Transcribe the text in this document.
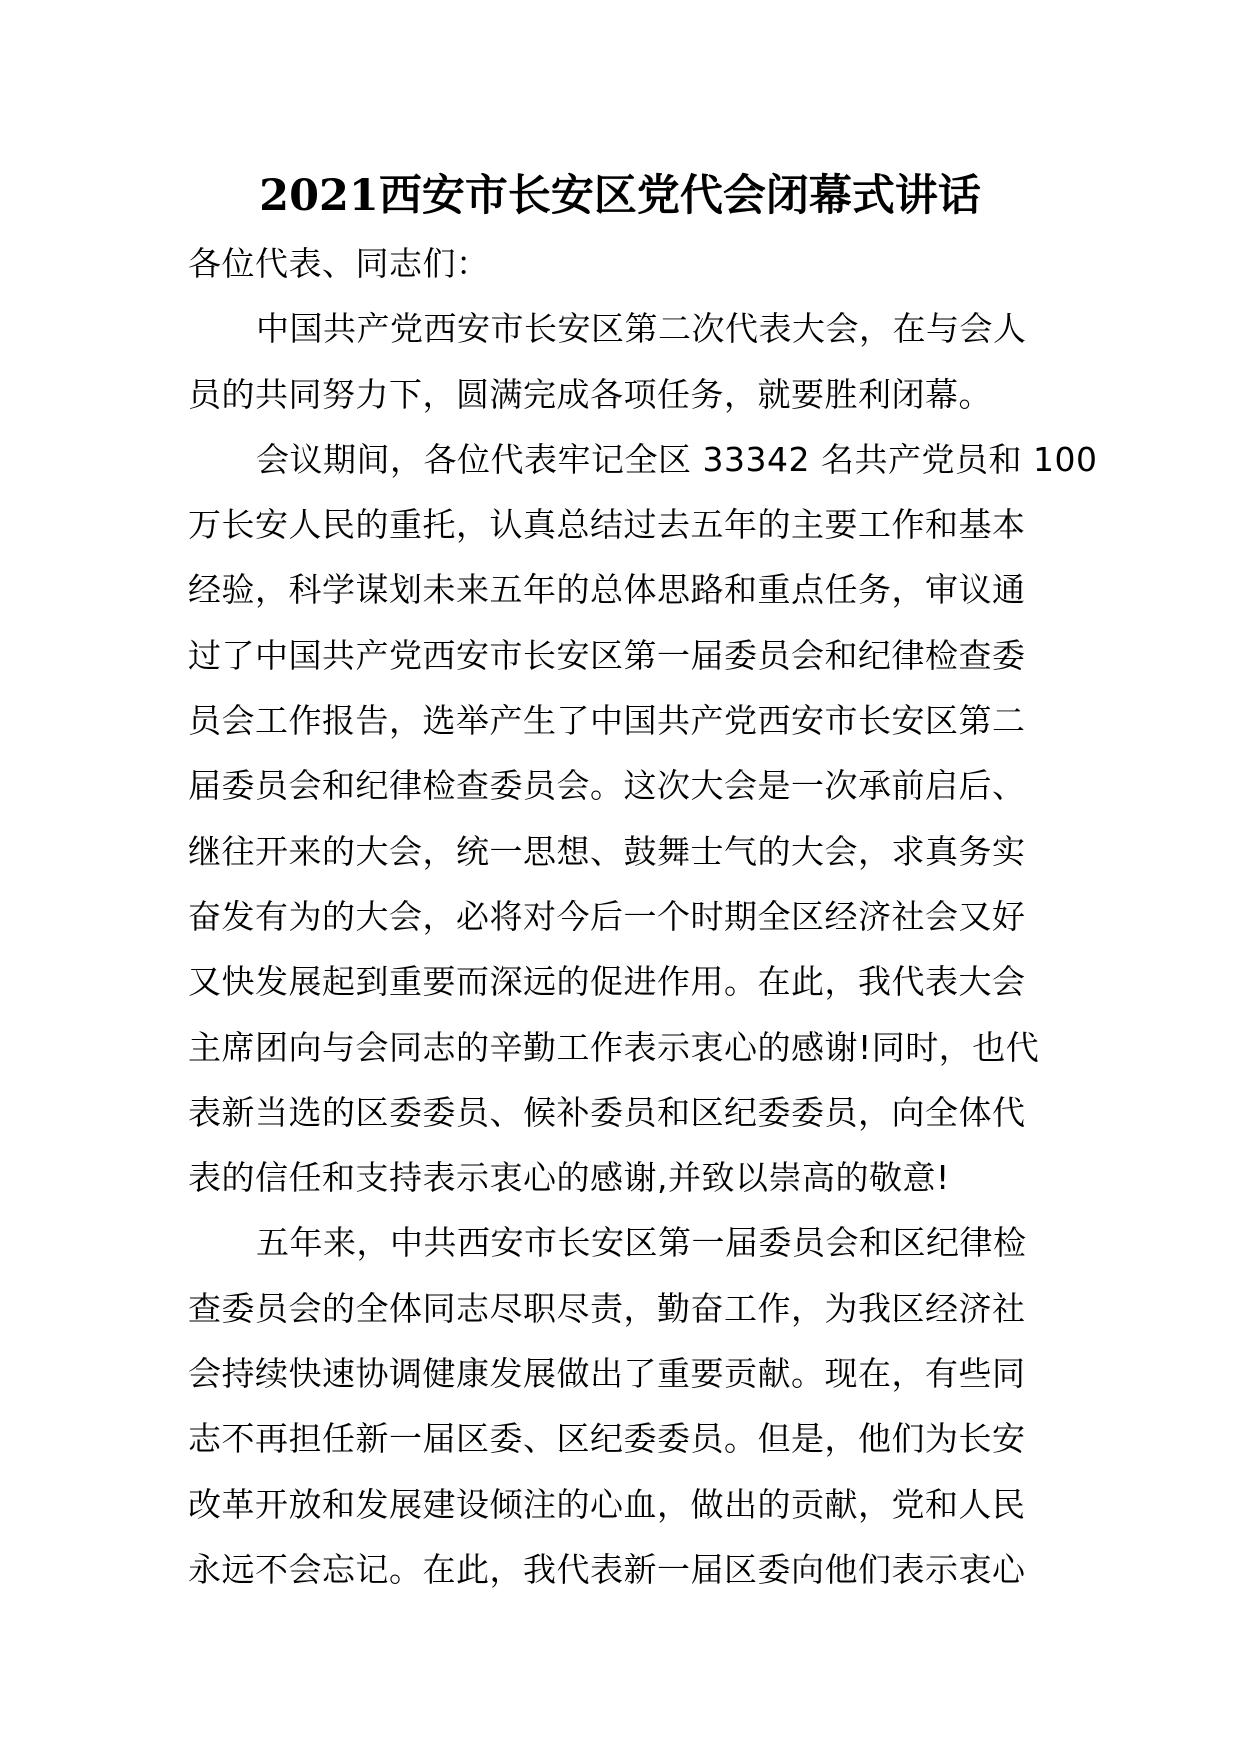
2021西安市长安区党代会闭幕式讲话
各位代表、同志们：
中国共产党西安市长安区第二次代表大会，在与会人
员的共同努力下，圆满完成各项任务，就要胜利闭幕。
会议期间，各位代表牢记全区 33342 名共产党员和 100
万长安人民的重托，认真总结过去五年的主要工作和基本
经验，科学谋划未来五年的总体思路和重点任务，审议通
过了中国共产党西安市长安区第一届委员会和纪律检查委
员会工作报告，选举产生了中国共产党西安市长安区第二
届委员会和纪律检查委员会。这次大会是一次承前启后、
继往开来的大会，统一思想、鼓舞士气的大会，求真务实
奋发有为的大会，必将对今后一个时期全区经济社会又好
又快发展起到重要而深远的促进作用。在此，我代表大会
主席团向与会同志的辛勤工作表示衷心的感谢!同时，也代
表新当选的区委委员、候补委员和区纪委委员，向全体代
表的信任和支持表示衷心的感谢,并致以崇高的敬意!
五年来，中共西安市长安区第一届委员会和区纪律检
查委员会的全体同志尽职尽责，勤奋工作，为我区经济社
会持续快速协调健康发展做出了重要贡献。现在，有些同
志不再担任新一届区委、区纪委委员。但是，他们为长安
改革开放和发展建设倾注的心血，做出的贡献，党和人民
永远不会忘记。在此，我代表新一届区委向他们表示衷心
